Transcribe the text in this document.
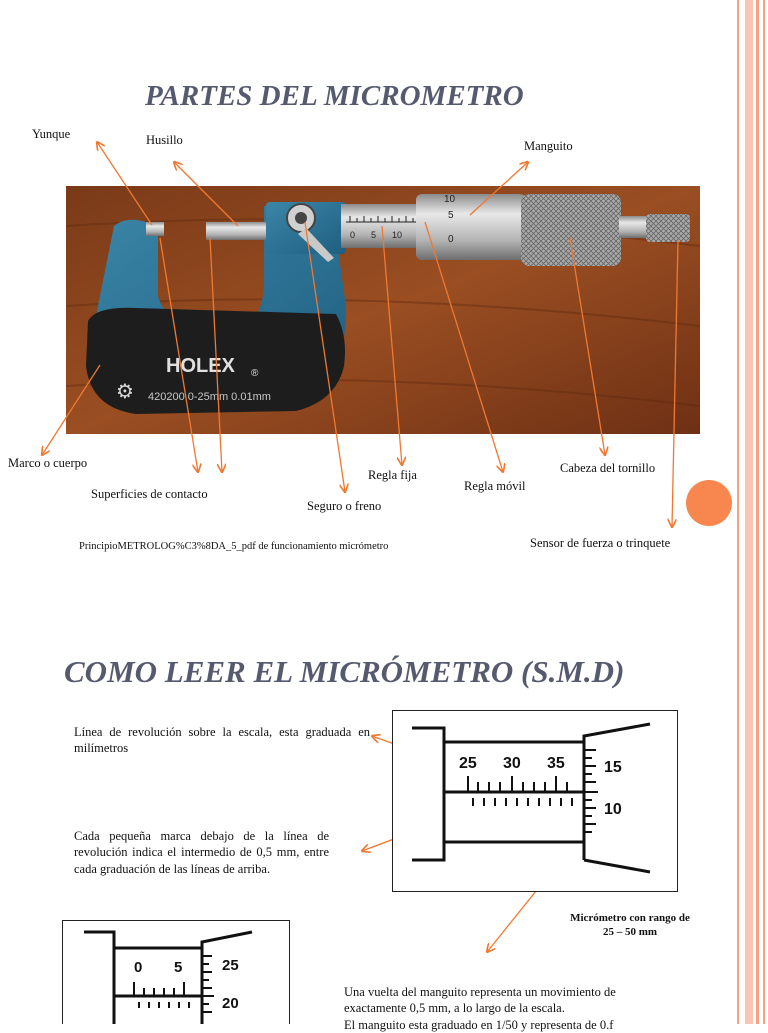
PARTES DEL MICROMETRO
HOLEX ®
420200 0-25mm 0.01mm
⚙
0 5 10
10
5
0
Yunque	Husillo	Manguito
Marco o cuerpo
Superficies de contacto
Seguro o freno
Regla fija
Regla móvil
Cabeza del tornillo
Sensor de fuerza o trinquete
PrincipioMETROLOG%C3%8DA_5_pdf de funcionamiento micrómetro
COMO LEER EL MICRÓMETRO (S.M.D)
Línea de revolución sobre la escala, esta graduada en milímetros
Cada pequeña marca debajo de la línea de revolución indica el intermedio de 0,5 mm, entre cada graduación de las líneas de arriba.
25 30 35 15
10
Micrómetro con rango de
25 – 50 mm
0 5	25
20
Una vuelta del manguito representa un movimiento de
exactamente 0,5 mm, a lo largo de la escala.
El manguito esta graduado en 1/50 y representa de 0.f
